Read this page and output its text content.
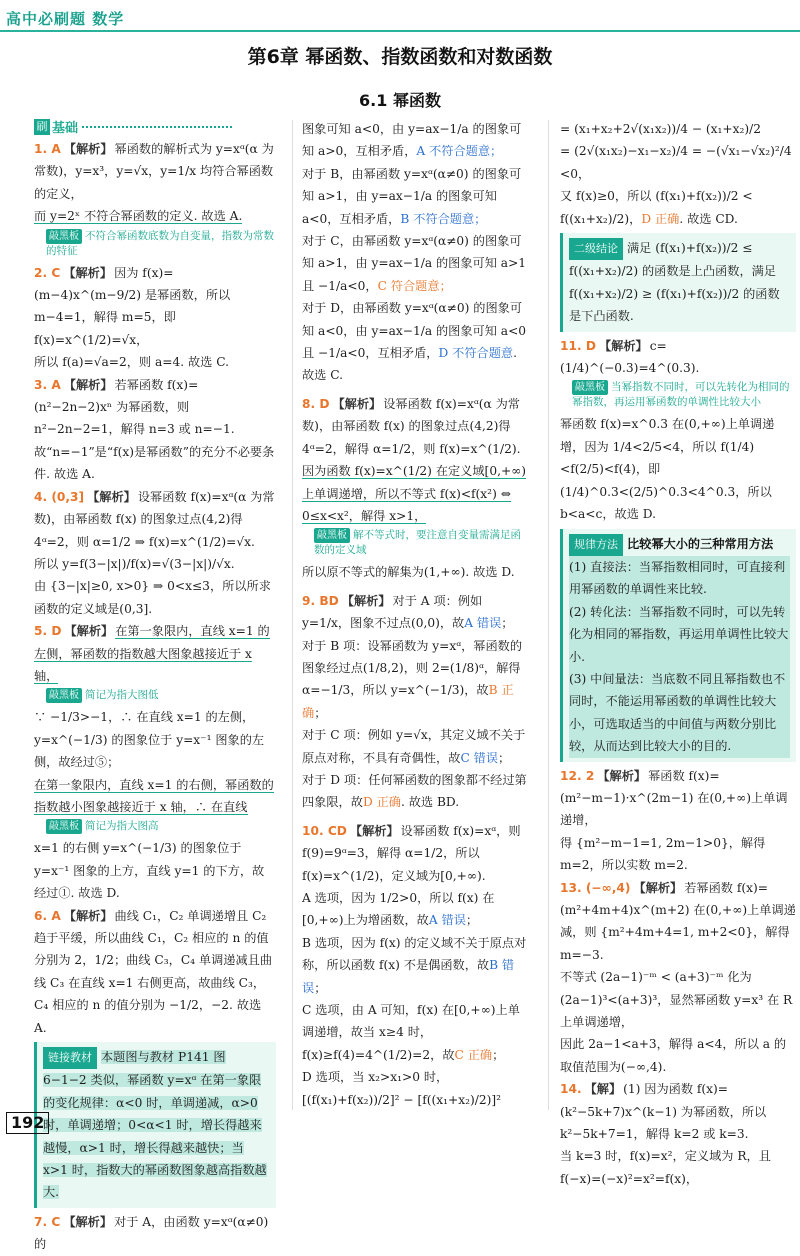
高中必刷题 数学
第6章 幂函数、指数函数和对数函数
6.1 幂函数
刷 基础

1. A 【解析】 幂函数的解析式为 y=xᵅ(α 为常数)，y=x³，y=√x，y=1/x 均符合幂函数的定义，

而 y=2ˣ 不符合幂函数的定义. 故选 A.

敲黑板 不符合幂函数底数为自变量，指数为常数的特征

2. C 【解析】 因为 f(x)=(m−4)x^(m−9/2) 是幂函数，所以 m−4=1，解得 m=5，即 f(x)=x^(1/2)=√x，

所以 f(a)=√a=2，则 a=4. 故选 C.

3. A 【解析】 若幂函数 f(x)=(n²−2n−2)xⁿ 为幂函数，则 n²−2n−2=1，解得 n=3 或 n=−1. 故“n=−1”是“f(x)是幂函数”的充分不必要条件. 故选 A.

4. (0,3] 【解析】 设幂函数 f(x)=xᵅ(α 为常数)，由幂函数 f(x) 的图象过点(4,2)得 4ᵅ=2，则 α=1/2 ⇒ f(x)=x^(1/2)=√x.

所以 y=f(3−|x|)/f(x)=√(3−|x|)/√x.

由 {3−|x|≥0, x>0} ⇒ 0<x≤3，所以所求函数的定义域是(0,3].

5. D 【解析】 在第一象限内，直线 x=1 的左侧，幂函数的指数越大图象越接近于 x 轴，

敲黑板 简记为指大图低

∵ −1/3>−1，∴ 在直线 x=1 的左侧，y=x^(−1/3) 的图象位于 y=x⁻¹ 图象的左侧，故经过⑤；

在第一象限内，直线 x=1 的右侧，幂函数的指数越小图象越接近于 x 轴，∴ 在直线

敲黑板 简记为指大图高

x=1 的右侧 y=x^(−1/3) 的图象位于 y=x⁻¹ 图象的上方，直线 y=1 的下方，故经过①. 故选 D.

6. A 【解析】 曲线 C₁，C₂ 单调递增且 C₂ 趋于平缓，所以曲线 C₁，C₂ 相应的 n 的值分别为 2，1/2；曲线 C₃，C₄ 单调递减且曲线 C₃ 在直线 x=1 右侧更高，故曲线 C₃，C₄ 相应的 n 的值分别为 −1/2，−2. 故选 A.

链接教材 本题图与教材 P141 图 6−1−2 类似，幂函数 y=xᵅ 在第一象限的变化规律：α<0 时，单调递减，α>0 时，单调递增；0<α<1 时，增长得越来越慢，α>1 时，增长得越来越快；当 x>1 时，指数大的幂函数图象越高指数越大.

7. C 【解析】 对于 A，由函数 y=xᵅ(α≠0) 的

图象可知 a<0，由 y=ax−1/a 的图象可知 a>0，互相矛盾，A 不符合题意；

对于 B，由幂函数 y=xᵅ(α≠0) 的图象可知 a>1，由 y=ax−1/a 的图象可知 a<0，互相矛盾，B 不符合题意；

对于 C，由幂函数 y=xᵅ(α≠0) 的图象可知 a>1，由 y=ax−1/a 的图象可知 a>1 且 −1/a<0，C 符合题意；

对于 D，由幂函数 y=xᵅ(α≠0) 的图象可知 a<0，由 y=ax−1/a 的图象可知 a<0 且 −1/a<0，互相矛盾，D 不符合题意. 故选 C.

8. D 【解析】 设幂函数 f(x)=xᵅ(α 为常数)，由幂函数 f(x) 的图象过点(4,2)得 4ᵅ=2，解得 α=1/2，则 f(x)=x^(1/2).

因为函数 f(x)=x^(1/2) 在定义域[0,+∞)上单调递增，所以不等式 f(x)<f(x²) ⇔ 0≤x<x²，解得 x>1，

敲黑板 解不等式时，要注意自变量需满足函数的定义域

所以原不等式的解集为(1,+∞). 故选 D.

9. BD 【解析】 对于 A 项：例如 y=1/x，图象不过点(0,0)，故A 错误；

对于 B 项：设幂函数为 y=xᵅ，幂函数的图象经过点(1/8,2)，则 2=(1/8)ᵅ，解得 α=−1/3，所以 y=x^(−1/3)，故B 正确；

对于 C 项：例如 y=√x，其定义域不关于原点对称，不具有奇偶性，故C 错误；

对于 D 项：任何幂函数的图象都不经过第四象限，故D 正确. 故选 BD.

10. CD 【解析】 设幂函数 f(x)=xᵅ，则 f(9)=9ᵅ=3，解得 α=1/2，所以 f(x)=x^(1/2)，定义域为[0,+∞).

A 选项，因为 1/2>0，所以 f(x) 在[0,+∞)上为增函数，故A 错误；

B 选项，因为 f(x) 的定义域不关于原点对称，所以函数 f(x) 不是偶函数，故B 错误；

C 选项，由 A 可知，f(x) 在[0,+∞)上单调递增，故当 x≥4 时，f(x)≥f(4)=4^(1/2)=2，故C 正确；

D 选项，当 x₂>x₁>0 时，

[(f(x₁)+f(x₂))/2]² − [f((x₁+x₂)/2)]²

= (x₁+x₂+2√(x₁x₂))/4 − (x₁+x₂)/2

= (2√(x₁x₂)−x₁−x₂)/4 = −(√x₁−√x₂)²/4 <0，

又 f(x)≥0，所以 (f(x₁)+f(x₂))/2 < f((x₁+x₂)/2)，D 正确. 故选 CD.

二级结论 满足 (f(x₁)+f(x₂))/2 ≤ f((x₁+x₂)/2) 的函数是上凸函数，满足 f((x₁+x₂)/2) ≥ (f(x₁)+f(x₂))/2 的函数是下凸函数.

11. D 【解析】 c=(1/4)^(−0.3)=4^(0.3).

敲黑板 当幂指数不同时，可以先转化为相同的幂指数，再运用幂函数的单调性比较大小

幂函数 f(x)=x^0.3 在(0,+∞)上单调递增，因为 1/4<2/5<4，所以 f(1/4)<f(2/5)<f(4)，即 (1/4)^0.3<(2/5)^0.3<4^0.3，所以 b<a<c，故选 D.

规律方法 比较幂大小的三种常用方法

(1) 直接法：当幂指数相同时，可直接利用幂函数的单调性来比较.

(2) 转化法：当幂指数不同时，可以先转化为相同的幂指数，再运用单调性比较大小.

(3) 中间量法：当底数不同且幂指数也不同时，不能运用幂函数的单调性比较大小，可选取适当的中间值与两数分别比较，从而达到比较大小的目的.

12. 2 【解析】 幂函数 f(x)=(m²−m−1)·x^(2m−1) 在(0,+∞)上单调递增，

得 {m²−m−1=1, 2m−1>0}，解得 m=2，所以实数 m=2.

13. (−∞,4) 【解析】 若幂函数 f(x)=(m²+4m+4)x^(m+2) 在(0,+∞)上单调递减，则 {m²+4m+4=1, m+2<0}，解得 m=−3.

不等式 (2a−1)⁻ᵐ < (a+3)⁻ᵐ 化为 (2a−1)³<(a+3)³，显然幂函数 y=x³ 在 R 上单调递增，

因此 2a−1<a+3，解得 a<4，所以 a 的取值范围为(−∞,4).

14. 【解】 (1) 因为函数 f(x)=(k²−5k+7)x^(k−1) 为幂函数，所以 k²−5k+7=1，解得 k=2 或 k=3.

当 k=3 时，f(x)=x²，定义域为 R，且 f(−x)=(−x)²=x²=f(x)，

192
